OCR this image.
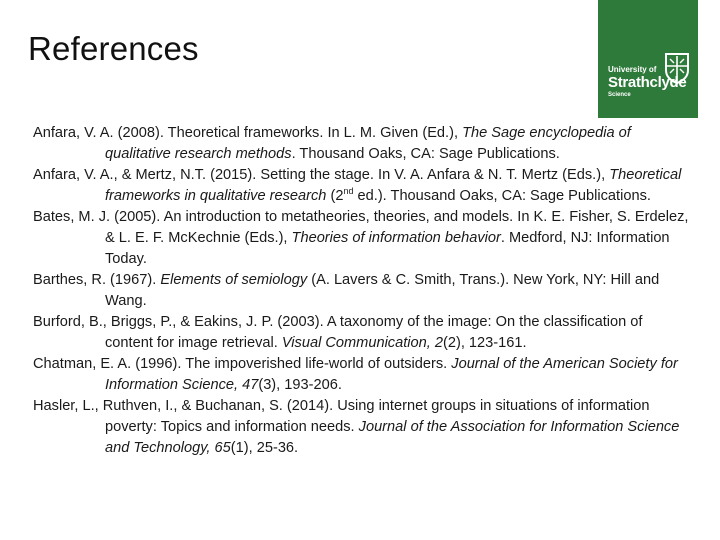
References
University of
Strathclyde
Science

Anfara, V. A. (2008). Theoretical frameworks. In L. M. Given (Ed.), The Sage encyclopedia of qualitative research methods. Thousand Oaks, CA: Sage Publications.

Anfara, V. A., & Mertz, N.T. (2015). Setting the stage. In V. A. Anfara & N. T. Mertz (Eds.), Theoretical frameworks in qualitative research (2nd ed.). Thousand Oaks, CA: Sage Publications.

Bates, M. J. (2005). An introduction to metatheories, theories, and models. In K. E. Fisher, S. Erdelez, & L. E. F. McKechnie (Eds.), Theories of information behavior. Medford, NJ: Information Today.

Barthes, R. (1967). Elements of semiology (A. Lavers & C. Smith, Trans.). New York, NY: Hill and Wang.

Burford, B., Briggs, P., & Eakins, J. P. (2003). A taxonomy of the image: On the classification of content for image retrieval. Visual Communication, 2(2), 123-161.

Chatman, E. A. (1996). The impoverished life-world of outsiders. Journal of the American Society for Information Science, 47(3), 193-206.

Hasler, L., Ruthven, I., & Buchanan, S. (2014). Using internet groups in situations of information poverty: Topics and information needs. Journal of the Association for Information Science and Technology, 65(1), 25-36.
